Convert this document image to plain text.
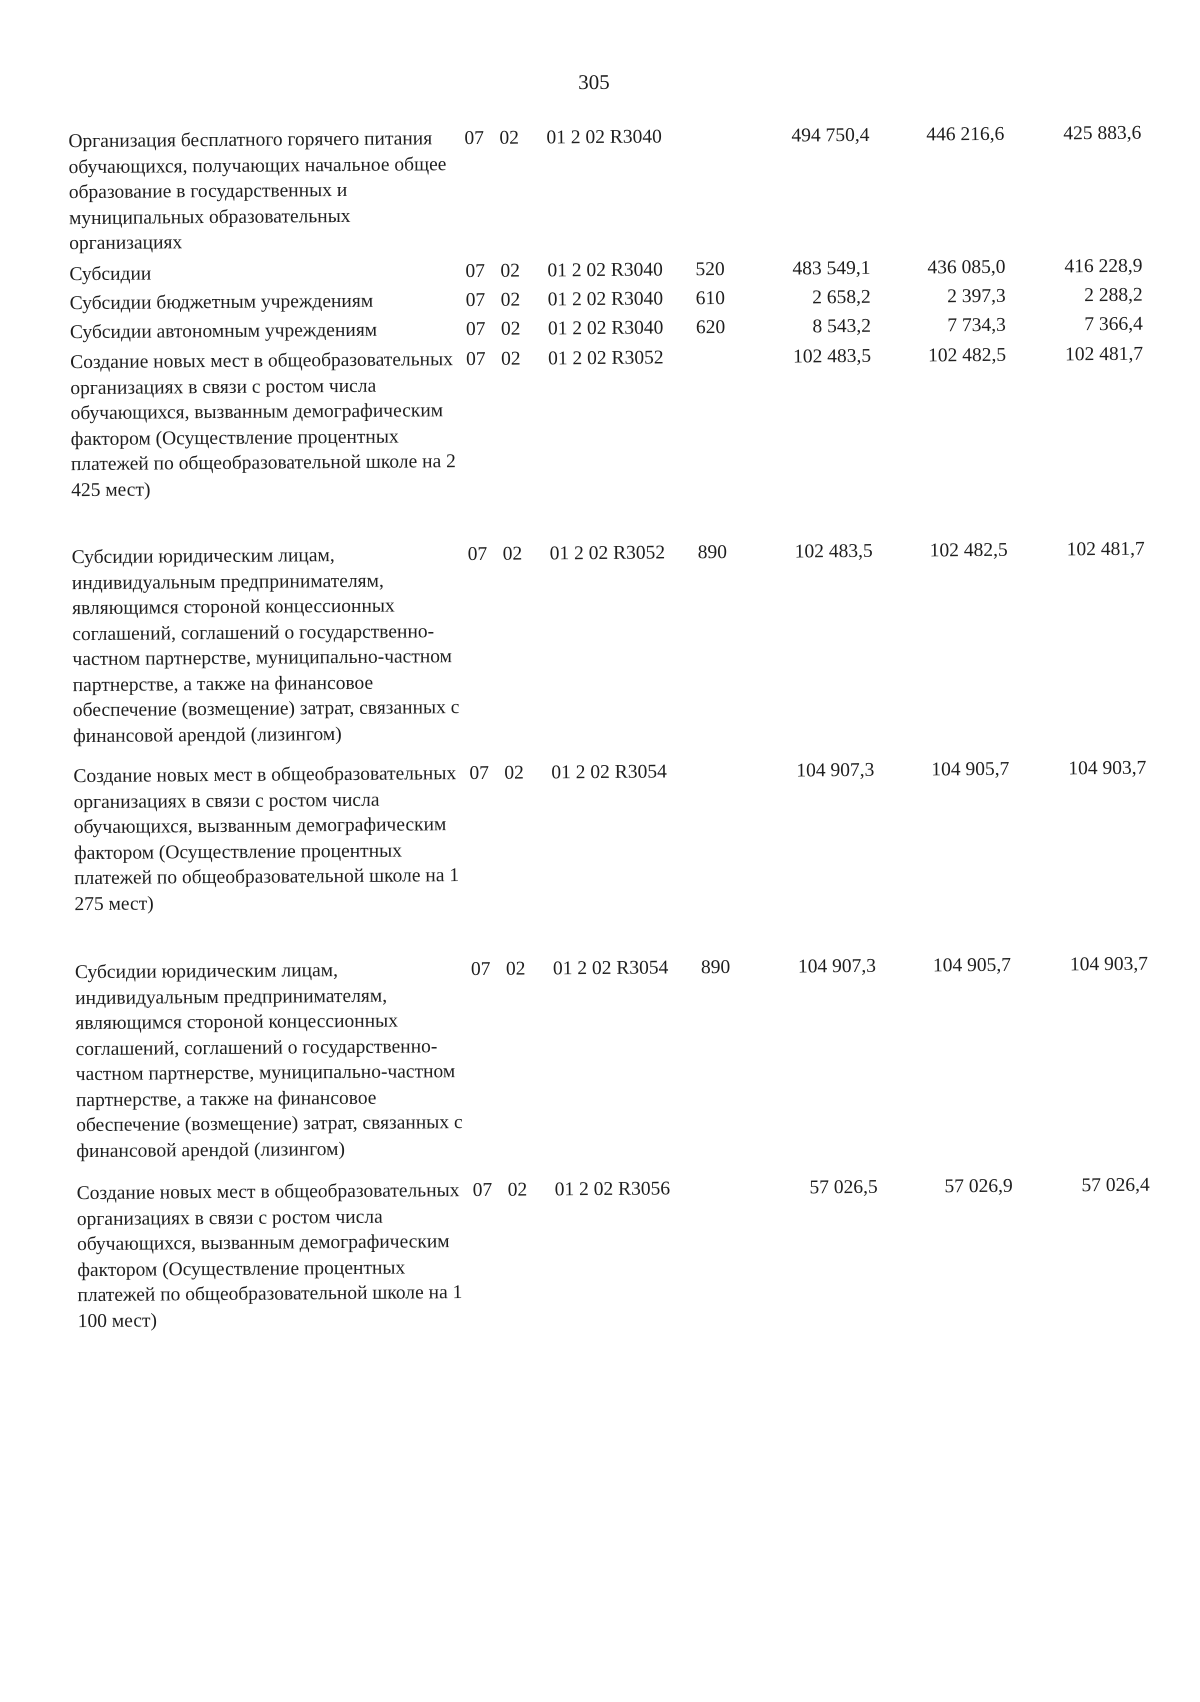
305
Организация бесплатного горячего питания обучающихся, получающих начальное общее образование в государственных и муниципальных образовательных организациях
07 02 01 2 02 R3040	494 750,4	446 216,6	425 883,6
Субсидии	07 02 01 2 02 R3040 520	483 549,1	436 085,0	416 228,9
Субсидии бюджетным учреждениям	07 02 01 2 02 R3040 610	2 658,2	2 397,3	2 288,2
Субсидии автономным учреждениям	07 02 01 2 02 R3040 620	8 543,2	7 734,3	7 366,4
Создание новых мест в общеобразовательных организациях в связи с ростом числа обучающихся, вызванным демографическим фактором (Осуществление процентных платежей по общеобразовательной школе на 2 425 мест)
07 02 01 2 02 R3052	102 483,5	102 482,5	102 481,7
Субсидии юридическим лицам, индивидуальным предпринимателям, являющимся стороной концессионных соглашений, соглашений о государственно-частном партнерстве, муниципально-частном партнерстве, а также на финансовое обеспечение (возмещение) затрат, связанных с финансовой арендой (лизингом)
07 02 01 2 02 R3052 890	102 483,5	102 482,5	102 481,7
Создание новых мест в общеобразовательных организациях в связи с ростом числа обучающихся, вызванным демографическим фактором (Осуществление процентных платежей по общеобразовательной школе на 1 275 мест)
07 02 01 2 02 R3054	104 907,3	104 905,7	104 903,7
Субсидии юридическим лицам, индивидуальным предпринимателям, являющимся стороной концессионных соглашений, соглашений о государственно-частном партнерстве, муниципально-частном партнерстве, а также на финансовое обеспечение (возмещение) затрат, связанных с финансовой арендой (лизингом)
07 02 01 2 02 R3054 890	104 907,3	104 905,7	104 903,7
Создание новых мест в общеобразовательных организациях в связи с ростом числа обучающихся, вызванным демографическим фактором (Осуществление процентных платежей по общеобразовательной школе на 1 100 мест)
07 02 01 2 02 R3056	57 026,5	57 026,9	57 026,4
